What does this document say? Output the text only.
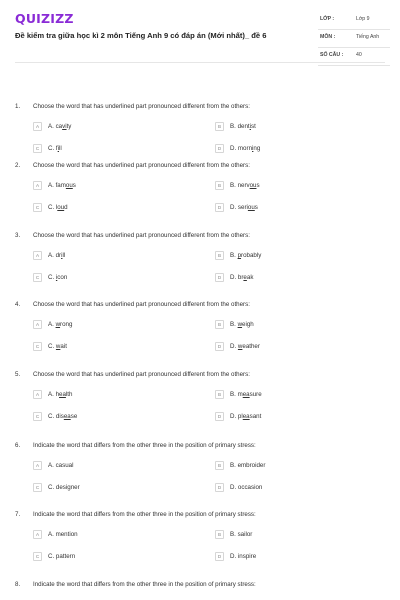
QUIZIZZ
Đề kiểm tra giữa học kì 2 môn Tiếng Anh 9 có đáp án (Mới nhất)_ đề 6
LỚP :	Lớp 9
MÔN :	Tiếng Anh
SỐ CÂU : 40
1. Choose the word that has underlined part pronounced different from the others:
A	A. cavity	B	B. dentist
C	C. fill	D	D. morning
2. Choose the word that has underlined part pronounced different from the others:
A	A. famous	B	B. nervous
C	C. loud	D	D. serious
3. Choose the word that has underlined part pronounced different from the others:
A	A. drill	B	B. probably
C	C. icon	D	D. break
4. Choose the word that has underlined part pronounced different from the others:
A	A. wrong	B	B. weigh
C	C. wait	D	D. weather
5. Choose the word that has underlined part pronounced different from the others:
A	A. health	B	B. measure
C	C. disease	D	D. pleasant
6. Indicate the word that differs from the other three in the position of primary stress:
A	A. casual	B	B. embroider
C	C. designer	D	D. occasion
7. Indicate the word that differs from the other three in the position of primary stress:
A	A. mention	B	B. sailor
C	C. pattern	D	D. inspire
8. Indicate the word that differs from the other three in the position of primary stress:
